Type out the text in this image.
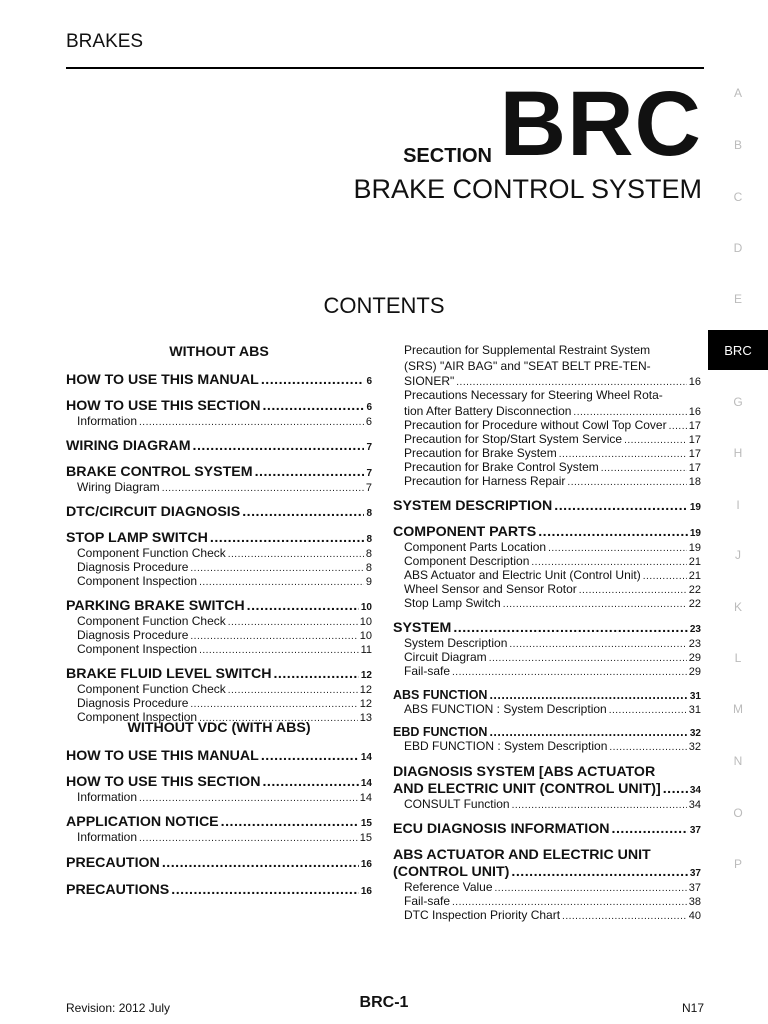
BRAKES
SECTION BRC
BRAKE CONTROL SYSTEM
CONTENTS
A
B
C
D
E
BRC
G
H
I
J
K
L
M
N
O
P
WITHOUT ABS
HOW TO USE THIS MANUAL .....	6
HOW TO USE THIS SECTION .....	6
Information .....	6
WIRING DIAGRAM .....	7
BRAKE CONTROL SYSTEM .....	7
Wiring Diagram .....	7
DTC/CIRCUIT DIAGNOSIS .....	8
STOP LAMP SWITCH .....	8
Component Function Check .....	8
Diagnosis Procedure .....	8
Component Inspection .....	9
PARKING BRAKE SWITCH .....	10
Component Function Check .....	10
Diagnosis Procedure .....	10
Component Inspection .....	11
BRAKE FLUID LEVEL SWITCH .....	12
Component Function Check .....	12
Diagnosis Procedure .....	12
Component Inspection .....	13
WITHOUT VDC (WITH ABS)
HOW TO USE THIS MANUAL .....	14
HOW TO USE THIS SECTION .....	14
Information .....	14
APPLICATION NOTICE .....	15
Information .....	15
PRECAUTION .....	16
PRECAUTIONS .....	16
Precaution for Supplemental Restraint System
(SRS) "AIR BAG" and "SEAT BELT PRE-TEN-
SIONER" .....	16
Precautions Necessary for Steering Wheel Rota-
tion After Battery Disconnection .....	16
Precaution for Procedure without Cowl Top Cover ..... 17
Precaution for Stop/Start System Service .....	17
Precaution for Brake System .....	17
Precaution for Brake Control System .....	17
Precaution for Harness Repair .....	18
SYSTEM DESCRIPTION .....	19
COMPONENT PARTS .....	19
Component Parts Location .....	19
Component Description .....	21
ABS Actuator and Electric Unit (Control Unit) .....	21
Wheel Sensor and Sensor Rotor .....	22
Stop Lamp Switch .....	22
SYSTEM .....	23
System Description .....	23
Circuit Diagram .....	29
Fail-safe .....	29
ABS FUNCTION .....	31
ABS FUNCTION : System Description .....	31
EBD FUNCTION .....	32
EBD FUNCTION : System Description .....	32
DIAGNOSIS SYSTEM [ABS ACTUATOR
AND ELECTRIC UNIT (CONTROL UNIT)] .....	34
CONSULT Function .....	34
ECU DIAGNOSIS INFORMATION .....	37
ABS ACTUATOR AND ELECTRIC UNIT
(CONTROL UNIT) .....	37
Reference Value .....	37
Fail-safe .....	38
DTC Inspection Priority Chart .....	40
Revision: 2012 July	BRC-1	N17
